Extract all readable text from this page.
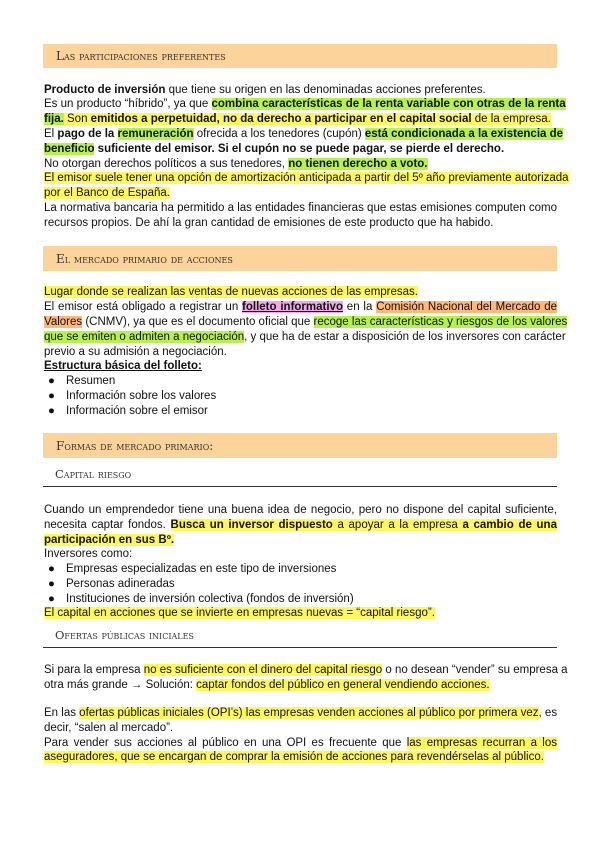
Las participaciones preferentes
Producto de inversión que tiene su origen en las denominadas acciones preferentes.
Es un producto “híbrido”, ya que combina características de la renta variable con otras de la renta
fija. Son emitidos a perpetuidad, no da derecho a participar en el capital social de la empresa.
El pago de la remuneración ofrecida a los tenedores (cupón) está condicionada a la existencia de
beneficio suficiente del emisor. Si el cupón no se puede pagar, se pierde el derecho.
No otorgan derechos políticos a sus tenedores, no tienen derecho a voto.
El emisor suele tener una opción de amortización anticipada a partir del 5º año previamente autorizada
por el Banco de España.
La normativa bancaria ha permitido a las entidades financieras que estas emisiones computen como
recursos propios. De ahí la gran cantidad de emisiones de este producto que ha habido.
El mercado primario de acciones
Lugar donde se realizan las ventas de nuevas acciones de las empresas.
El emisor está obligado a registrar un folleto informativo en la Comisión Nacional del Mercado de
Valores (CNMV), ya que es el documento oficial que recoge las características y riesgos de los valores
que se emiten o admiten a negociación, y que ha de estar a disposición de los inversores con carácter
previo a su admisión a negociación.
Estructura básica del folleto:
● Resumen
● Información sobre los valores
● Información sobre el emisor
Formas de mercado primario:
Capital riesgo
Cuando un emprendedor tiene una buena idea de negocio, pero no dispone del capital suficiente,
necesita captar fondos. Busca un inversor dispuesto a apoyar a la empresa a cambio de una
participación en sus Bº.
Inversores como:
● Empresas especializadas en este tipo de inversiones
● Personas adineradas
● Instituciones de inversión colectiva (fondos de inversión)
El capital en acciones que se invierte en empresas nuevas = “capital riesgo”.
Ofertas públicas iniciales
Si para la empresa no es suficiente con el dinero del capital riesgo o no desean “vender” su empresa a
otra más grande → Solución: captar fondos del público en general vendiendo acciones.
En las ofertas públicas iniciales (OPI’s) las empresas venden acciones al público por primera vez, es
decir, “salen al mercado”.
Para vender sus acciones al público en una OPI es frecuente que las empresas recurran a los
aseguradores, que se encargan de comprar la emisión de acciones para revendérselas al público.
